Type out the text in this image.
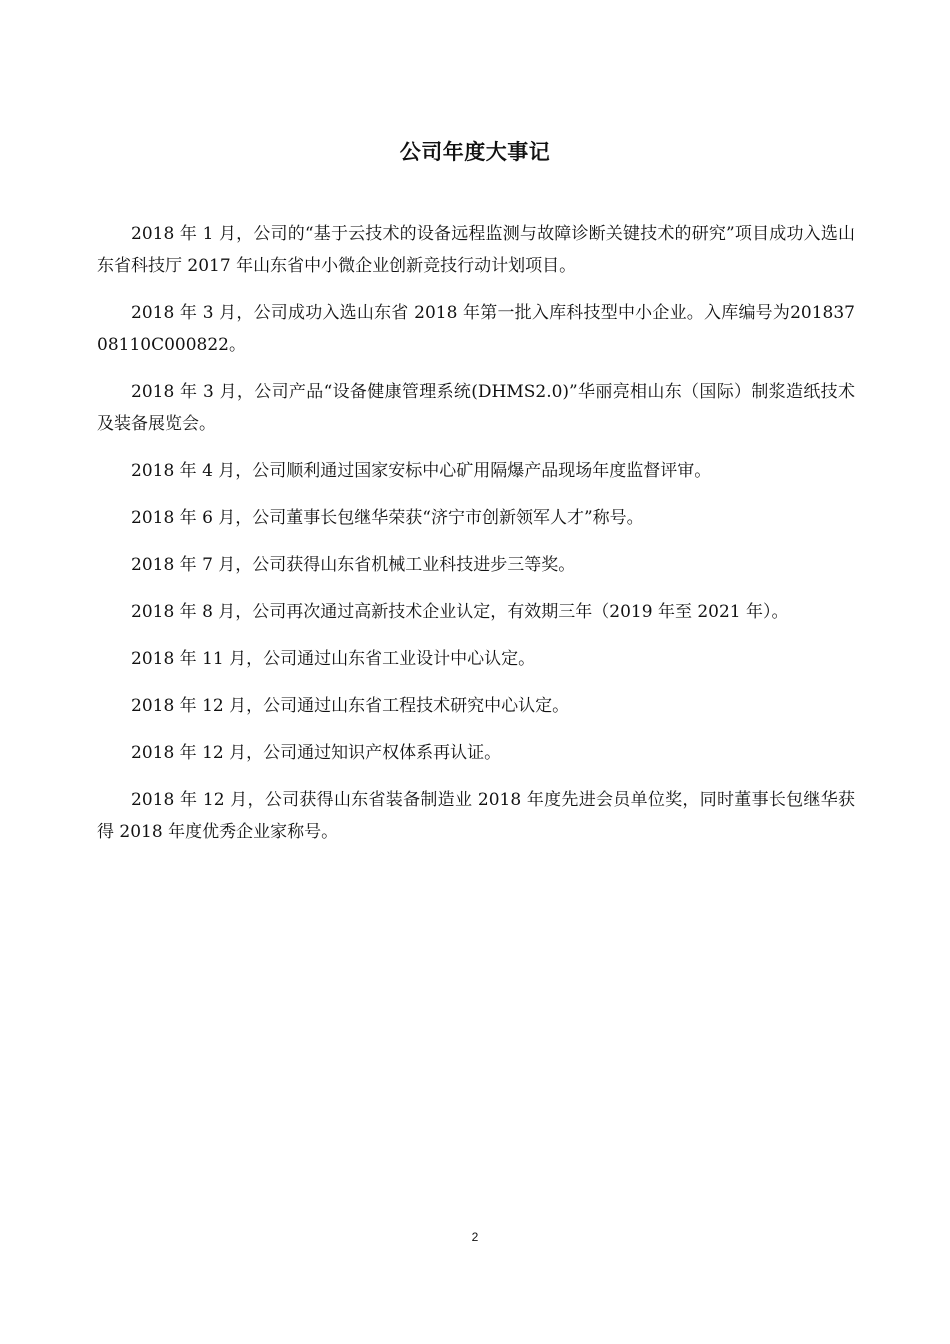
公司年度大事记

2018 年 1 月，公司的“基于云技术的设备远程监测与故障诊断关键技术的研究”项目成功入选山东省科技厅 2017 年山东省中小微企业创新竞技行动计划项目。

2018 年 3 月，公司成功入选山东省 2018 年第一批入库科技型中小企业。入库编号为20183708110C000822。

2018 年 3 月，公司产品“设备健康管理系统(DHMS2.0)”华丽亮相山东（国际）制浆造纸技术及装备展览会。

2018 年 4 月，公司顺利通过国家安标中心矿用隔爆产品现场年度监督评审。

2018 年 6 月，公司董事长包继华荣获“济宁市创新领军人才”称号。

2018 年 7 月，公司获得山东省机械工业科技进步三等奖。

2018 年 8 月，公司再次通过高新技术企业认定，有效期三年（2019 年至 2021 年）。

2018 年 11 月，公司通过山东省工业设计中心认定。

2018 年 12 月，公司通过山东省工程技术研究中心认定。

2018 年 12 月，公司通过知识产权体系再认证。

2018 年 12 月，公司获得山东省装备制造业 2018 年度先进会员单位奖，同时董事长包继华获得 2018 年度优秀企业家称号。

2
